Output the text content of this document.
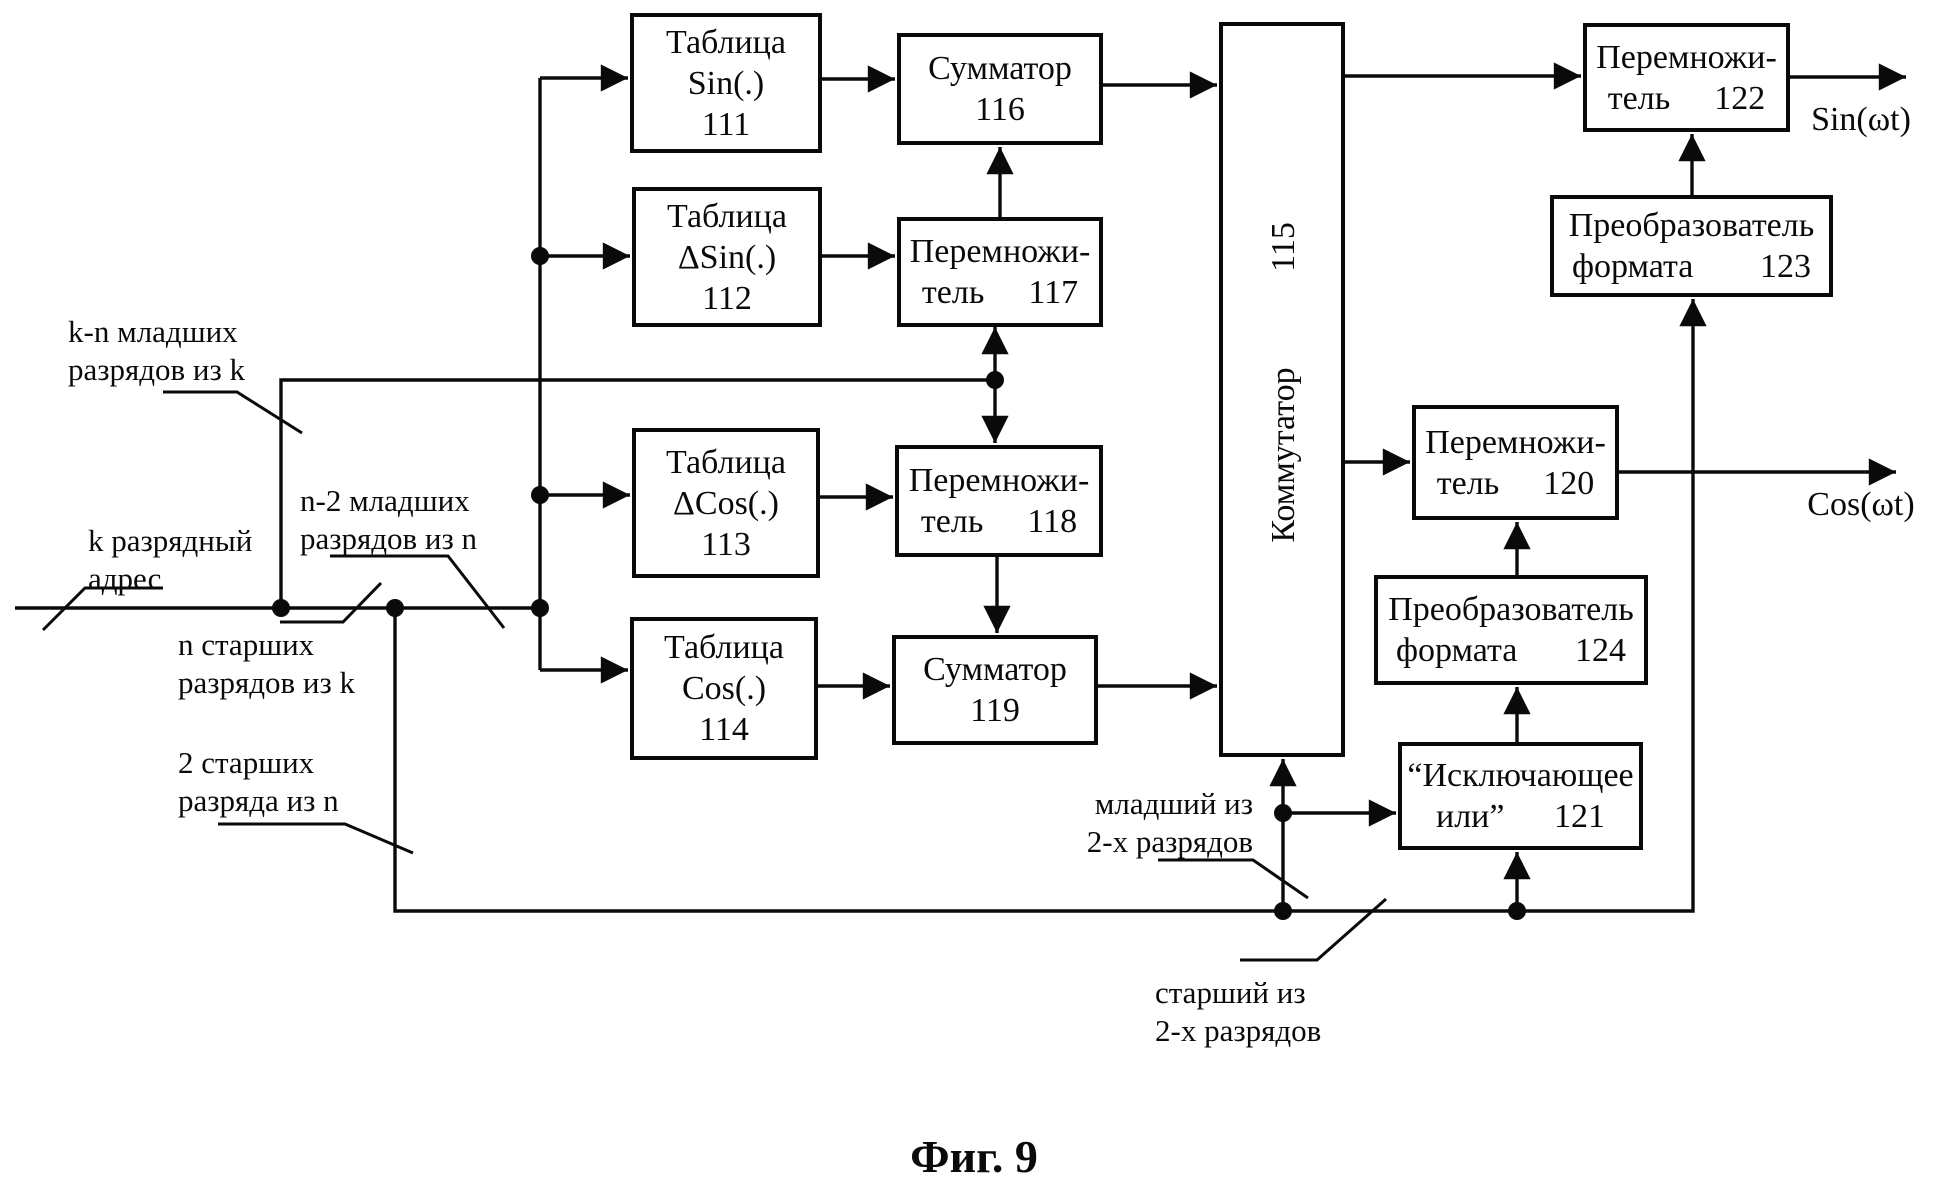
Таблица
Sin(.)
111
Таблица
ΔSin(.)
112
Таблица
ΔCos(.)
113
Таблица
Cos(.)
114
Сумматор
116
Перемножи-
тель 117
Перемножи-
тель 118
Сумматор
119
Коммутатор
115
Перемножи-
тель 122
Преобразователь
формата 123
Перемножи-
тель 120
Преобразователь
формата 124
“Исключающее
или” 121
k-n младших
разрядов из k
k разрядный
адрес
n-2 младших
разрядов из n
n старших
разрядов из k
2 старших
разряда из n	младший из
2-х разрядов
старший из
2-х разрядов
Sin(ωt)
Cos(ωt)
Фиг. 9
